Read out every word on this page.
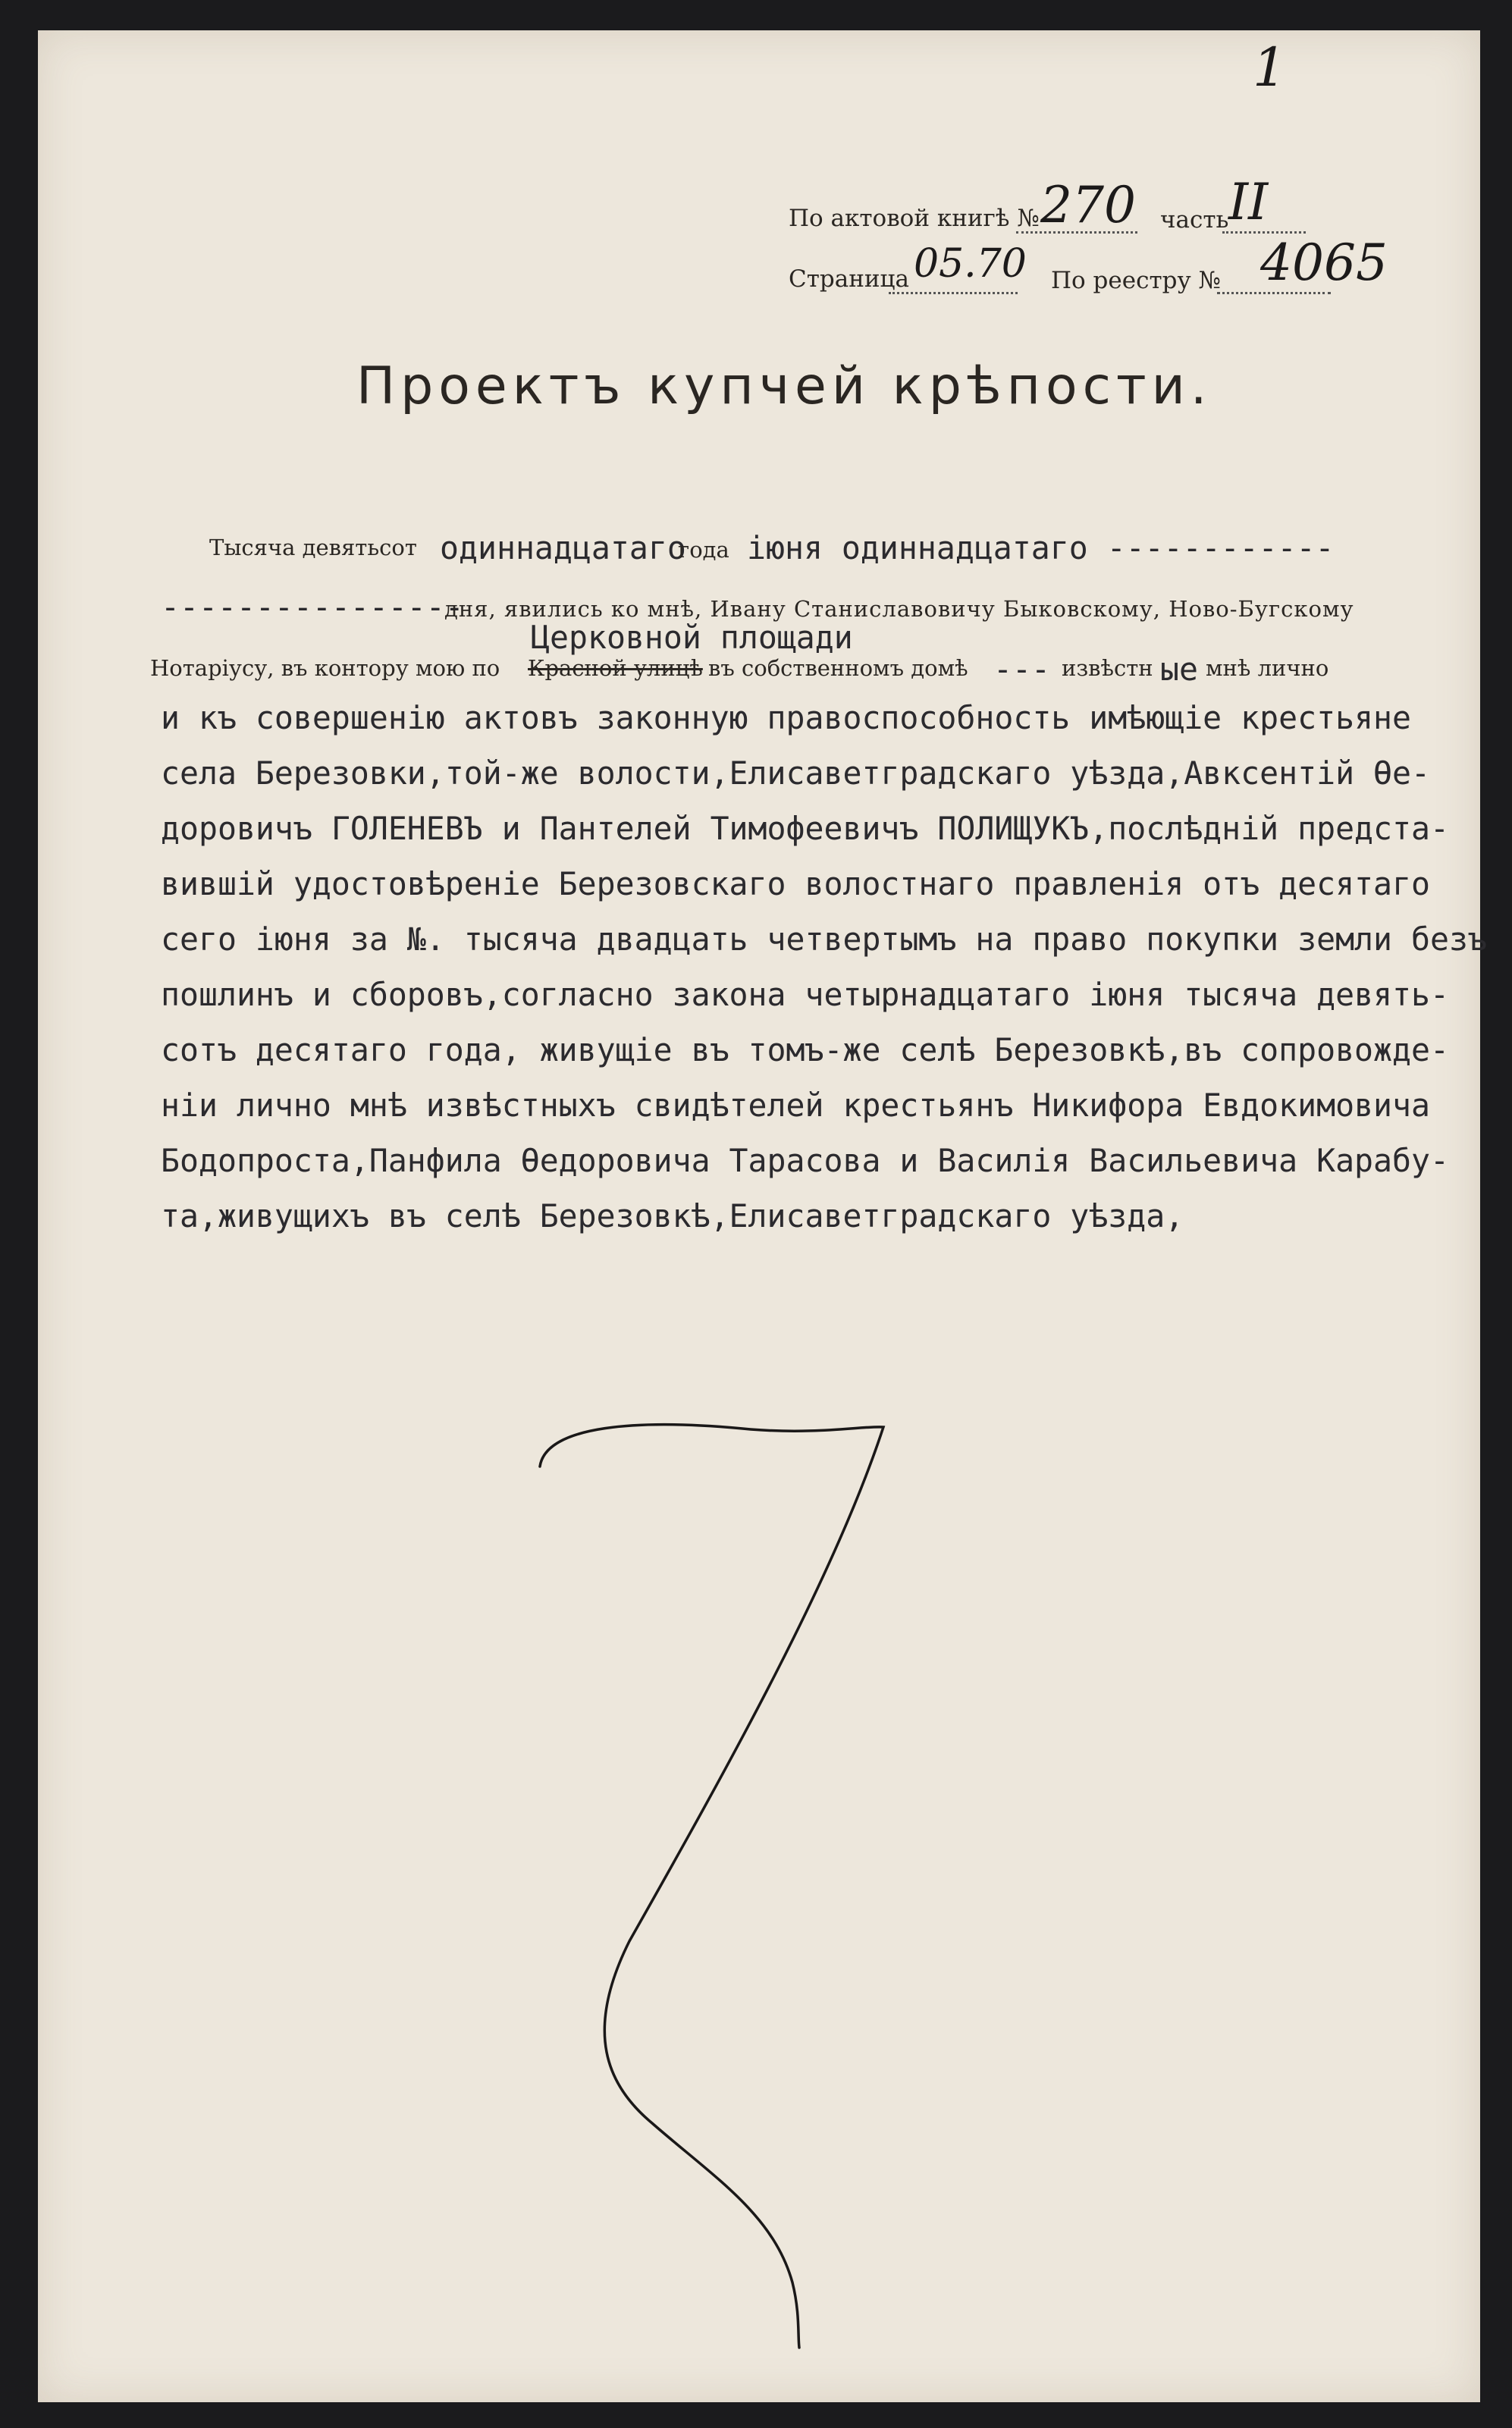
1
По актовой книгѣ № 270 часть II
Страница 05.70 По реестру № 4065
Проектъ купчей крѣпости.
Тысяча девятьсот одиннадцатаго
года іюня одиннадцатаго ------------
----------------
дня, явились ко мнѣ, Ивану Станиславовичу Быковскому, Ново-Бугскому
Церковной площади
Нотаріусу, въ контору мою по Красной улицѣ въ собственномъ домѣ --- извѣстн ые мнѣ лично
и къ совершенію актовъ законную правоспособность имѣющіе крестьяне
села Березовки,той-же волости,Елисаветградскаго уѣзда,Авксентій Ѳе-
доровичъ ГОЛЕНЕВЪ и Пантелей Тимофеевичъ ПОЛИЩУКЪ,послѣдній предста-
вившій удостовѣреніе Березовскаго волостнаго правленія отъ десятаго
сего іюня за №. тысяча двадцать четвертымъ на право покупки земли безъ
пошлинъ и сборовъ,согласно закона четырнадцатаго іюня тысяча девять-
сотъ десятаго года, живущіе въ томъ-же селѣ Березовкѣ,въ сопровожде-
ніи лично мнѣ извѣстныхъ свидѣтелей крестьянъ Никифора Евдокимовича
Бодопроста,Панфила Ѳедоровича Тарасова и Василія Васильевича Карабу-
та,живущихъ въ селѣ Березовкѣ,Елисаветградскаго уѣзда,
